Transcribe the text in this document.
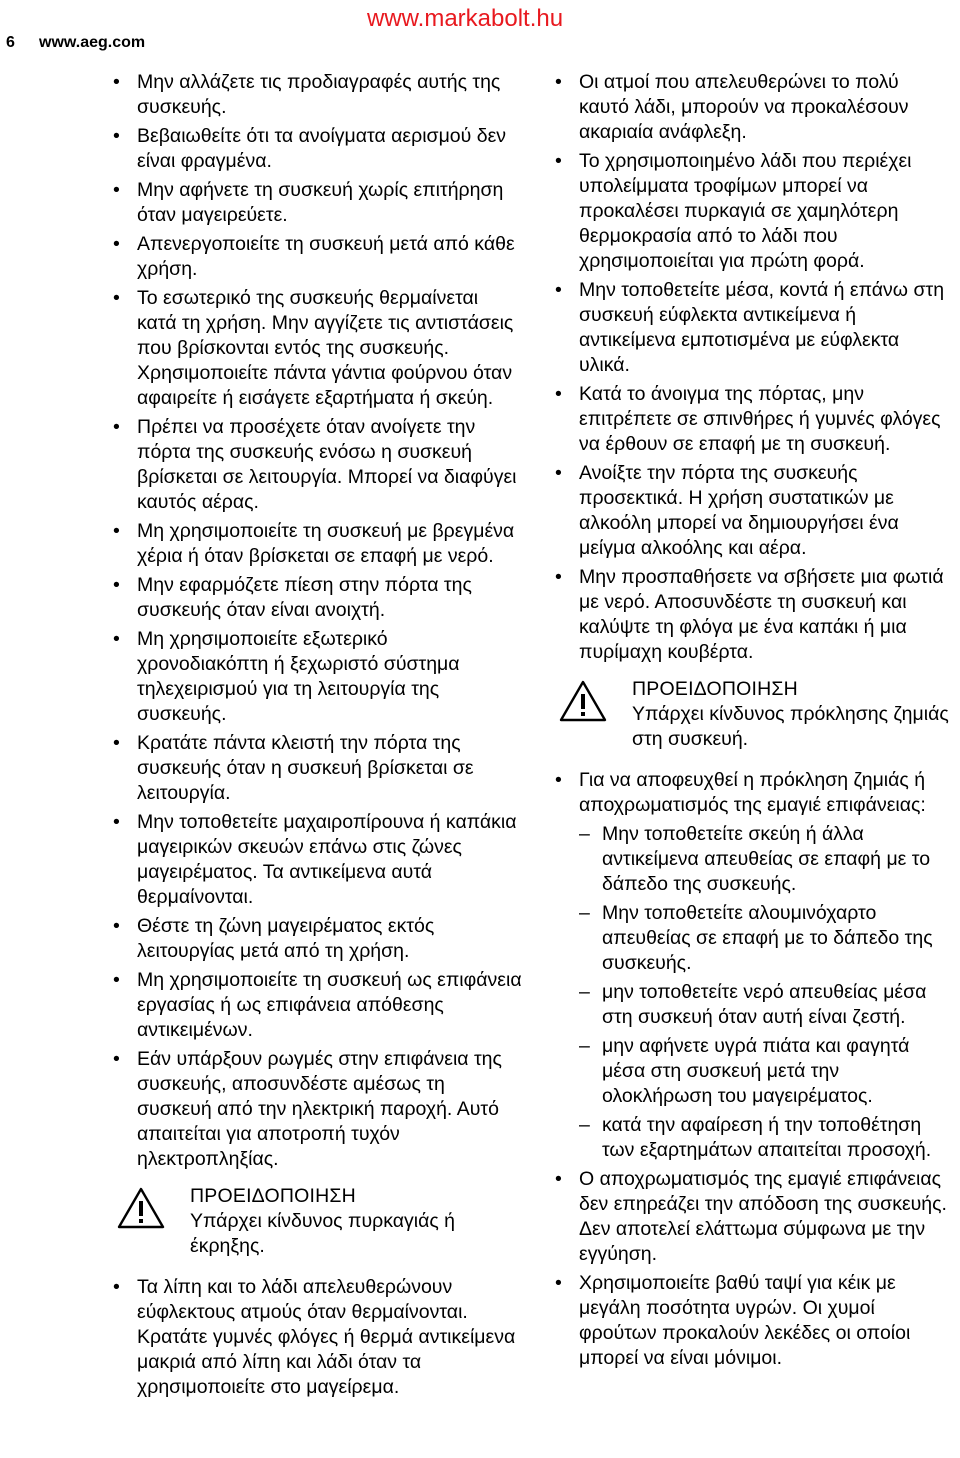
6 www.aeg.com
www.markabolt.hu
• Μην αλλάζετε τις προδιαγραφές αυτής της συσκευής.
• Βεβαιωθείτε ότι τα ανοίγματα αερισμού δεν είναι φραγμένα.
• Μην αφήνετε τη συσκευή χωρίς επιτήρηση όταν μαγειρεύετε.
• Απενεργοποιείτε τη συσκευή μετά από κάθε χρήση.
• Το εσωτερικό της συσκευής θερμαίνεται κατά τη χρήση. Μην αγγίζετε τις αντιστάσεις που βρίσκονται εντός της συσκευής. Χρησιμοποιείτε πάντα γάντια φούρνου όταν αφαιρείτε ή εισάγετε εξαρτήματα ή σκεύη.
• Πρέπει να προσέχετε όταν ανοίγετε την πόρτα της συσκευής ενόσω η συσκευή βρίσκεται σε λειτουργία. Μπορεί να διαφύγει καυτός αέρας.
• Μη χρησιμοποιείτε τη συσκευή με βρεγμένα χέρια ή όταν βρίσκεται σε επαφή με νερό.
• Μην εφαρμόζετε πίεση στην πόρτα της συσκευής όταν είναι ανοιχτή.
• Μη χρησιμοποιείτε εξωτερικό χρονοδιακόπτη ή ξεχωριστό σύστημα τηλεχειρισμού για τη λειτουργία της συσκευής.
• Κρατάτε πάντα κλειστή την πόρτα της συσκευής όταν η συσκευή βρίσκεται σε λειτουργία.
• Μην τοποθετείτε μαχαιροπίρουνα ή καπάκια μαγειρικών σκευών επάνω στις ζώνες μαγειρέματος. Τα αντικείμενα αυτά θερμαίνονται.
• Θέστε τη ζώνη μαγειρέματος εκτός λειτουργίας μετά από τη χρήση.
• Μη χρησιμοποιείτε τη συσκευή ως επιφάνεια εργασίας ή ως επιφάνεια απόθεσης αντικειμένων.
• Εάν υπάρξουν ρωγμές στην επιφάνεια της συσκευής, αποσυνδέστε αμέσως τη συσκευή από την ηλεκτρική παροχή. Αυτό απαιτείται για αποτροπή τυχόν ηλεκτροπληξίας.
ΠΡΟΕΙΔΟΠΟΙΗΣΗ
Υπάρχει κίνδυνος πυρκαγιάς ή έκρηξης.
• Τα λίπη και το λάδι απελευθερώνουν εύφλεκτους ατμούς όταν θερμαίνονται. Κρατάτε γυμνές φλόγες ή θερμά αντικείμενα μακριά από λίπη και λάδι όταν τα χρησιμοποιείτε στο μαγείρεμα.
• Οι ατμοί που απελευθερώνει το πολύ καυτό λάδι, μπορούν να προκαλέσουν ακαριαία ανάφλεξη.
• Το χρησιμοποιημένο λάδι που περιέχει υπολείμματα τροφίμων μπορεί να προκαλέσει πυρκαγιά σε χαμηλότερη θερμοκρασία από το λάδι που χρησιμοποιείται για πρώτη φορά.
• Μην τοποθετείτε μέσα, κοντά ή επάνω στη συσκευή εύφλεκτα αντικείμενα ή αντικείμενα εμποτισμένα με εύφλεκτα υλικά.
• Κατά το άνοιγμα της πόρτας, μην επιτρέπετε σε σπινθήρες ή γυμνές φλόγες να έρθουν σε επαφή με τη συσκευή.
• Ανοίξτε την πόρτα της συσκευής προσεκτικά. Η χρήση συστατικών με αλκοόλη μπορεί να δημιουργήσει ένα μείγμα αλκοόλης και αέρα.
• Μην προσπαθήσετε να σβήσετε μια φωτιά με νερό. Αποσυνδέστε τη συσκευή και καλύψτε τη φλόγα με ένα καπάκι ή μια πυρίμαχη κουβέρτα.
ΠΡΟΕΙΔΟΠΟΙΗΣΗ
Υπάρχει κίνδυνος πρόκλησης ζημιάς στη συσκευή.
• Για να αποφευχθεί η πρόκληση ζημιάς ή αποχρωματισμός της εμαγιέ επιφάνειας:
– Μην τοποθετείτε σκεύη ή άλλα αντικείμενα απευθείας σε επαφή με το δάπεδο της συσκευής.
– Μην τοποθετείτε αλουμινόχαρτο απευθείας σε επαφή με το δάπεδο της συσκευής.
– μην τοποθετείτε νερό απευθείας μέσα στη συσκευή όταν αυτή είναι ζεστή.
– μην αφήνετε υγρά πιάτα και φαγητά μέσα στη συσκευή μετά την ολοκλήρωση του μαγειρέματος.
– κατά την αφαίρεση ή την τοποθέτηση των εξαρτημάτων απαιτείται προσοχή.
• Ο αποχρωματισμός της εμαγιέ επιφάνειας δεν επηρεάζει την απόδοση της συσκευής. Δεν αποτελεί ελάττωμα σύμφωνα με την εγγύηση.
• Χρησιμοποιείτε βαθύ ταψί για κέικ με μεγάλη ποσότητα υγρών. Οι χυμοί φρούτων προκαλούν λεκέδες οι οποίοι μπορεί να είναι μόνιμοι.
